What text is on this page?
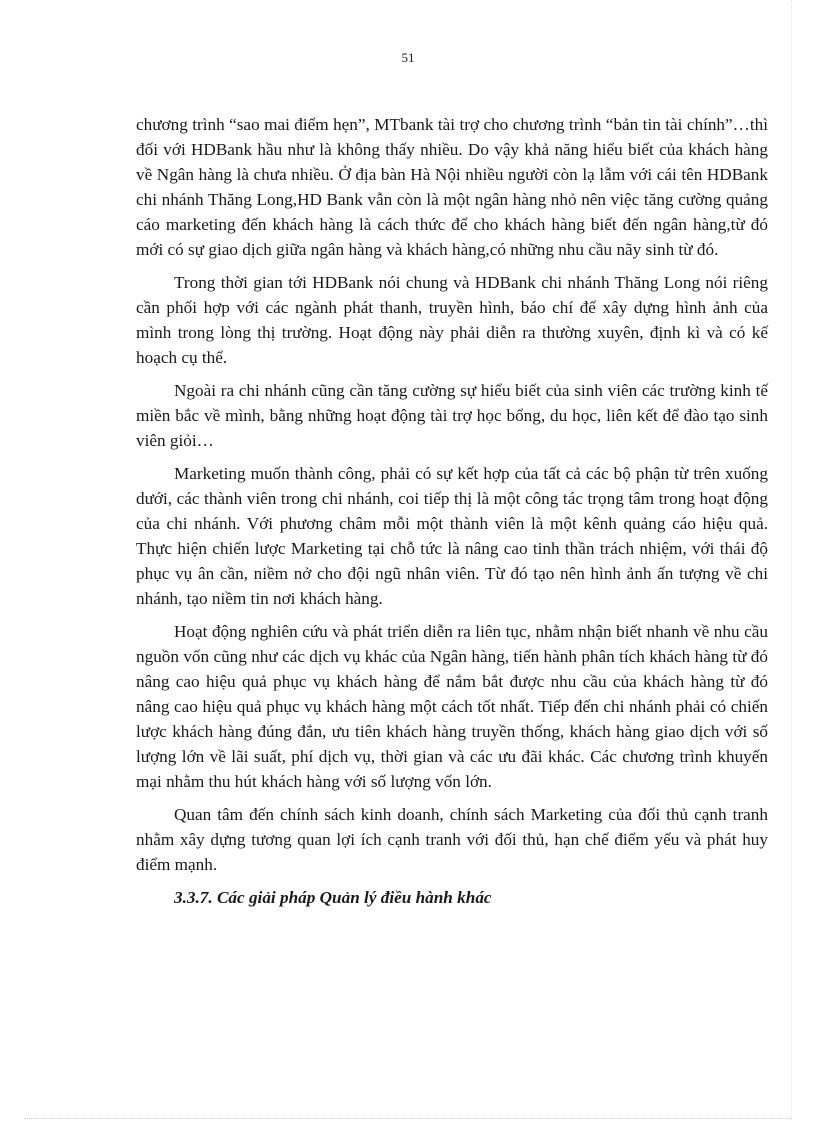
51

chương trình “sao mai điểm hẹn”, MTbank tài trợ cho chương trình “bản tin tài chính”…thì đối với HDBank hầu như là không thấy nhiều. Do vậy khả năng hiểu biết của khách hàng về Ngân hàng là chưa nhiều. Ở địa bàn Hà Nội nhiều người còn lạ lẫm với cái tên HDBank chi nhánh Thăng Long,HD Bank vẫn còn là một ngân hàng nhỏ nên việc tăng cường quảng cáo marketing đến khách hàng là cách thức để cho khách hàng biết đến ngân hàng,từ đó mới có sự giao dịch giữa ngân hàng và khách hàng,có những nhu cầu nãy sinh từ đó.

Trong thời gian tới HDBank nói chung và HDBank chi nhánh Thăng Long nói riêng cần phối hợp với các ngành phát thanh, truyền hình, báo chí để xây dựng hình ảnh của mình trong lòng thị trường. Hoạt động này phải diễn ra thường xuyên, định kì và có kế hoạch cụ thể.

Ngoài ra chi nhánh cũng cần tăng cường sự hiểu biết của sinh viên các trường kinh tế miền bắc về mình, bằng những hoạt động tài trợ học bổng, du học, liên kết để đào tạo sinh viên giỏi…

Marketing muốn thành công, phải có sự kết hợp của tất cả các bộ phận từ trên xuống dưới, các thành viên trong chi nhánh, coi tiếp thị là một công tác trọng tâm trong hoạt động của chi nhánh. Với phương châm mỗi một thành viên là một kênh quảng cáo hiệu quả. Thực hiện chiến lược Marketing tại chỗ tức là nâng cao tinh thần trách nhiệm, với thái độ phục vụ ân cần, niềm nở cho đội ngũ nhân viên. Từ đó tạo nên hình ảnh ấn tượng về chi nhánh, tạo niềm tin nơi khách hàng.

Hoạt động nghiên cứu và phát triển diễn ra liên tục, nhằm nhận biết nhanh về nhu cầu nguồn vốn cũng như các dịch vụ khác của Ngân hàng, tiến hành phân tích khách hàng từ đó nâng cao hiệu quả phục vụ khách hàng để nắm bắt được nhu cầu của khách hàng từ đó nâng cao hiệu quả phục vụ khách hàng một cách tốt nhất. Tiếp đến chi nhánh phải có chiến lược khách hàng đúng đắn, ưu tiên khách hàng truyền thống, khách hàng giao dịch với số lượng lớn về lãi suất, phí dịch vụ, thời gian và các ưu đãi khác. Các chương trình khuyến mại nhằm thu hút khách hàng với số lượng vốn lớn.

Quan tâm đến chính sách kinh doanh, chính sách Marketing của đối thủ cạnh tranh nhằm xây dựng tương quan lợi ích cạnh tranh với đối thủ, hạn chế điểm yếu và phát huy điểm mạnh.

3.3.7. Các giải pháp Quản lý điều hành khác
